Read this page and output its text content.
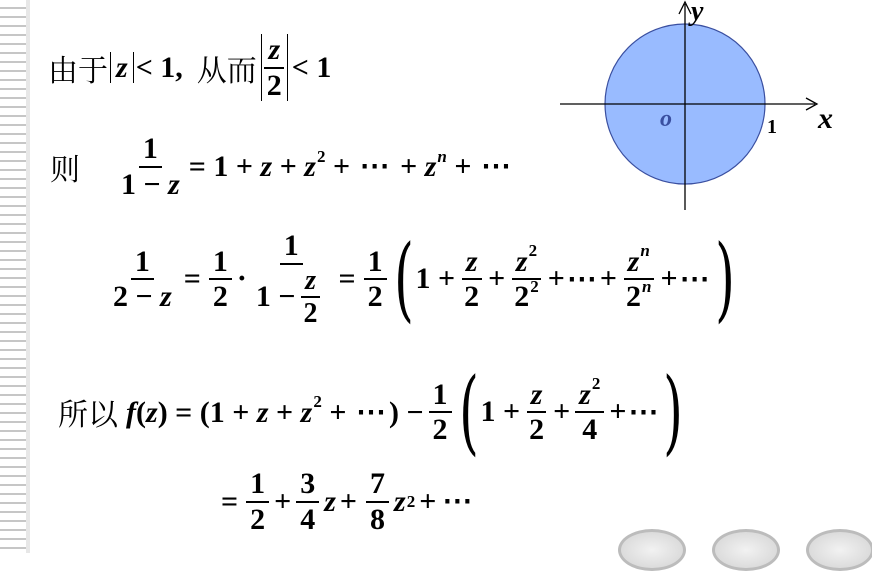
由于 z < 1, 从而 $\frac{z}{2} < 1$
则 $\frac{1}{1 - z} = 1 + z + z^2$ + ⋯ + $z^n$ + ⋯
$\frac{1}{2 - z} = \frac{1}{2} \cdot \frac{1}{1 - \frac{z}{2}} = \frac{1}{2}$ ( $1 + \frac{z}{2} + \frac{z^2}{2^2}$ + ⋯ + $\frac{z^n}{2^n}$ + ⋯ )
所以 $f(z) = (1 + z + z^2$ + ⋯) − $\frac{1}{2}$ ( $1 + \frac{z}{2} + \frac{z^2}{4}$ + ⋯ )
= $\frac{1}{2} + \frac{3}{4}$ $z + \frac{7}{8}$ z 2 + ⋯
x
y
o	1
